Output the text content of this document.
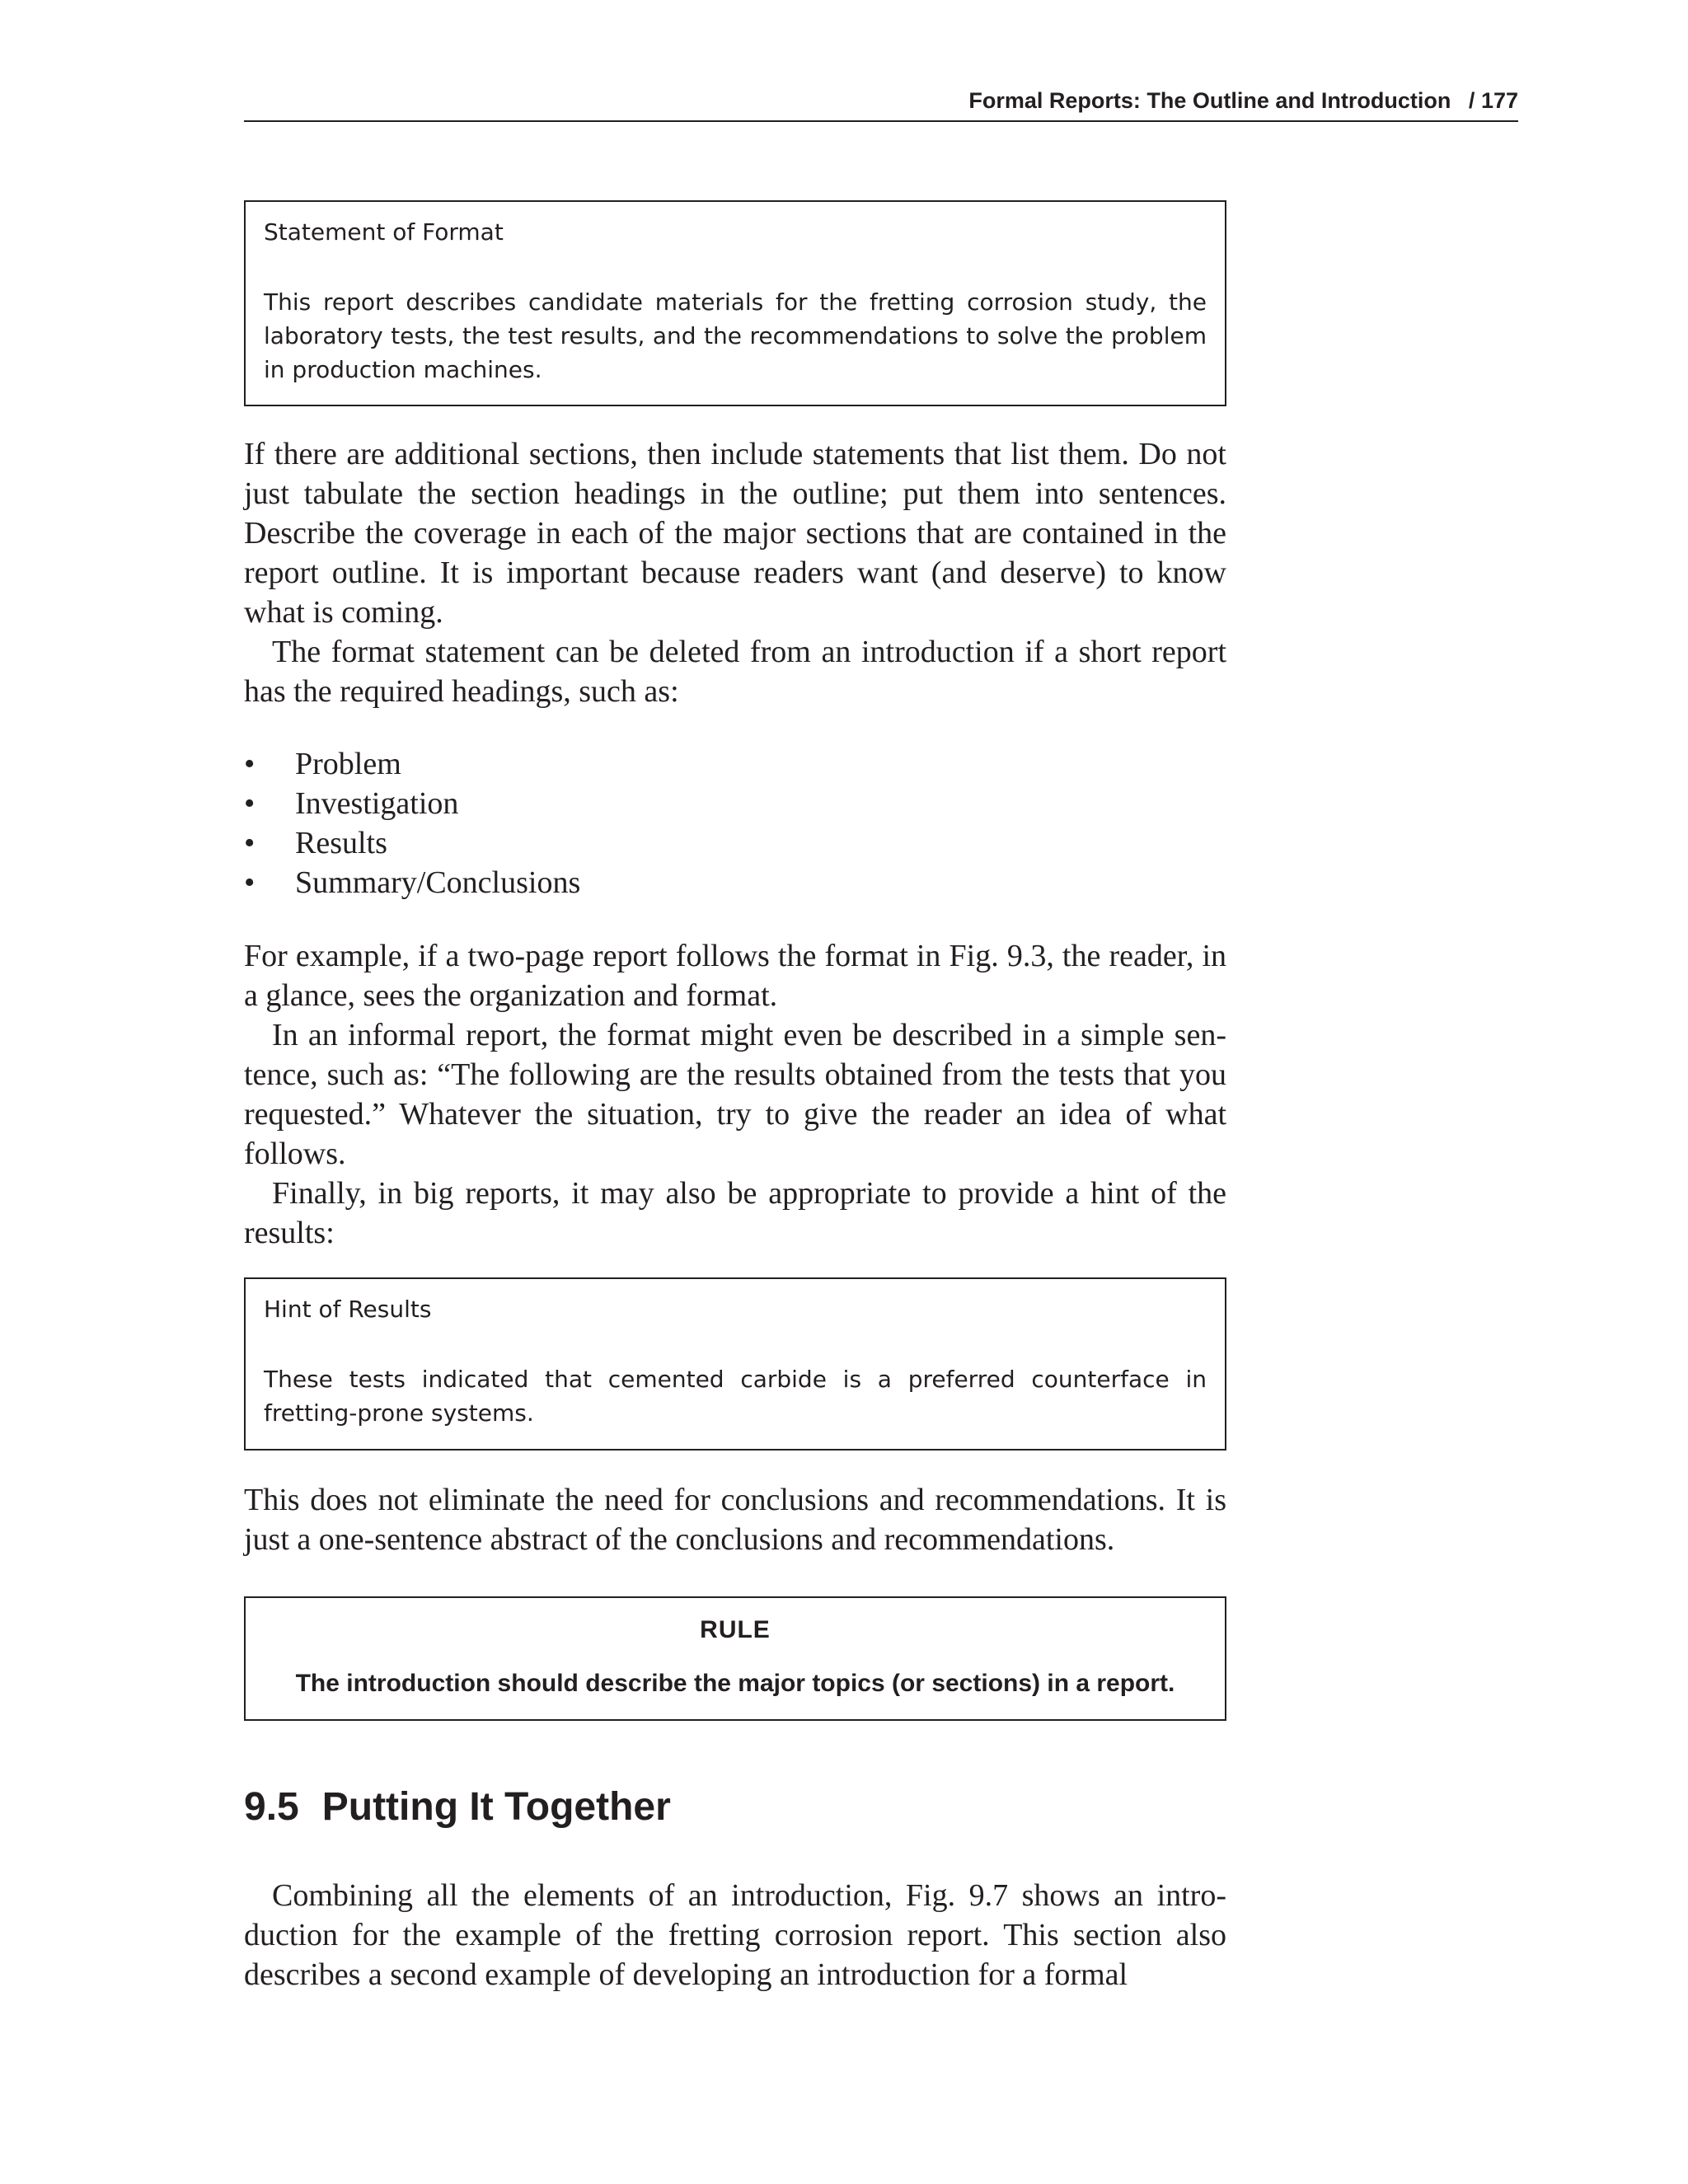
Formal Reports: The Outline and Introduction / 177

Statement of Format

This report describes candidate materials for the fretting corrosion study, the laboratory tests, the test results, and the recommendations to solve the problem in production machines.

If there are additional sections, then include statements that list them. Do not just tabulate the section headings in the outline; put them into sentences. Describe the coverage in each of the major sections that are contained in the report outline. It is important because readers want (and deserve) to know what is coming.

The format statement can be deleted from an introduction if a short report has the required headings, such as:

• Problem
• Investigation
• Results
• Summary/Conclusions

For example, if a two-page report follows the format in Fig. 9.3, the reader, in a glance, sees the organization and format.

In an informal report, the format might even be described in a simple sentence, such as: “The following are the results obtained from the tests that you requested.” Whatever the situation, try to give the reader an idea of what follows.

Finally, in big reports, it may also be appropriate to provide a hint of the results:

Hint of Results

These tests indicated that cemented carbide is a preferred counterface in fretting-prone systems.

This does not eliminate the need for conclusions and recommendations. It is just a one-sentence abstract of the conclusions and recommendations.

RULE

The introduction should describe the major topics (or sections) in a report.

9.5 Putting It Together

Combining all the elements of an introduction, Fig. 9.7 shows an introduction for the example of the fretting corrosion report. This section also describes a second example of developing an introduction for a formal
